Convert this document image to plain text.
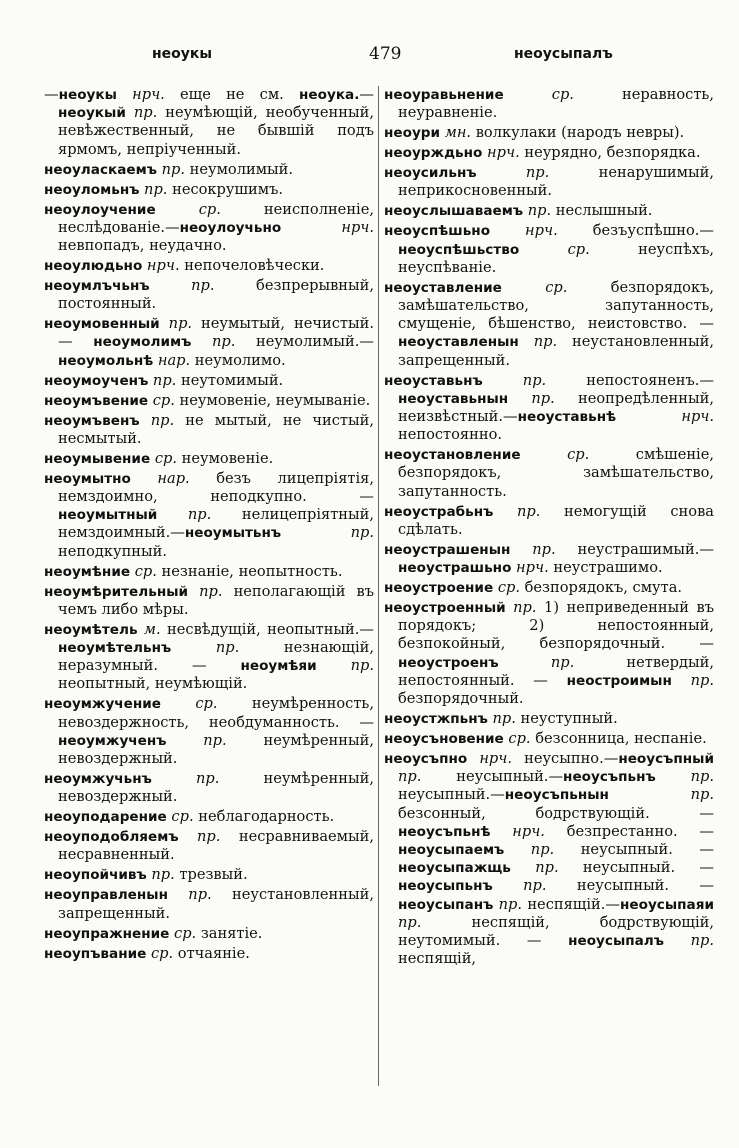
неоукы	479	неоусыпалъ

—неоукы нрч. еще не см. неоука.—неоукый пр. неумѣющій, необученный, невѣжественный, не бывшій подъ ярмомъ, непріученный.

неоуласкаемъ пр. неумолимый.

неоуломьнъ пр. несокрушимъ.

неоулоучение ср. неисполненіе, неслѣдованіе.—неоулоучьно нрч. невпопадъ, неудачно.

неоулюдьно нрч. непочеловѣчески.

неоумлъчьнъ пр. безпрерывный, постоянный.

неоумовенный пр. неумытый, нечистый. — неоумолимъ пр. неумолимый.—неоумольнѣ нар. неумолимо.

неоумоученъ пр. неутомимый.

неоумъвение ср. неумовеніе, неумываніе.

неоумъвенъ пр. не мытый, не чистый, несмытый.

неоумывение ср. неумовеніе.

неоумытно нар. безъ лицепріятія, немздоимно, неподкупно. — неоумытный пр. нелицепріятный, немздоимный.—неоумытьнъ пр. неподкупный.

неоумѣние ср. незнаніе, неопытность.

неоумѣрительный пр. неполагающій въ чемъ либо мѣры.

неоумѣтель м. несвѣдущій, неопытный.—неоумѣтельнъ пр. незнающій, неразумный. — неоумѣяи пр. неопытный, неумѣющій.

неоумжучение ср. неумѣренность, невоздержность, необдуманность. — неоумжученъ пр. неумѣренный, невоздержный.

неоумжучьнъ пр. неумѣренный, невоздержный.

неоуподарение ср. неблагодарность.

неоуподобляемъ пр. несравниваемый, несравненный.

неоупойчивъ пр. трезвый.

неоуправленын пр. неустановленный, запрещенный.

неоупражнение ср. занятіе.

неоупъвание ср. отчаяніе.

неоуравьнение ср. неравность, неуравненіе.

неоури мн. волкулаки (народъ невры).

неоурждьно нрч. неурядно, безпорядка.

неоусильнъ пр. ненарушимый, неприкосновенный.

неоуслышаваемъ пр. неслышный.

неоуспѣшьно нрч. безъуспѣшно.—неоуспѣшьство ср. неуспѣхъ, неуспѣваніе.

неоуставление ср. безпорядокъ, замѣшательство, запутанность, смущеніе, бѣшенство, неистовство. — неоуставленын пр. неустановленный, запрещенный.

неоуставьнъ пр. непостояненъ.— неоуставьнын пр. неопредѣленный, неизвѣстный.—неоуставьнѣ нрч. непостоянно.

неоустановление ср. смѣшеніе, безпорядокъ, замѣшательство, запутанность.

неоустрабьнъ пр. немогущій снова сдѣлать.

неоустрашенын пр. неустрашимый.— неоустрашьно нрч. неустрашимо.

неоустроение ср. безпорядокъ, смута.

неоустроенный пр. 1) неприведенный въ порядокъ; 2) непостоянный, безпокойный, безпорядочный. — неоустроенъ пр. нетвердый, непостоянный. — неостроимын пр. безпорядочный.

неоустжпьнъ пр. неуступный.

неоусъновение ср. безсонница, неспаніе.

неоусъпно нрч. неусыпно.—неоусъпный пр. неусыпный.—неоусъпьнъ пр. неусыпный.—неоусъпьнын пр. безсонный, бодрствующій. — неоусъпьнѣ нрч. безпрестанно. — неоусыпаемъ пр. неусыпный. — неоусыпажщь пр. неусыпный. — неоусыпьнъ пр. неусыпный. — неоусыпанъ пр. неспящій.—неоусыпаяи пр. неспящій, бодрствующій, неутомимый. — неоусыпалъ пр. неспящій,
